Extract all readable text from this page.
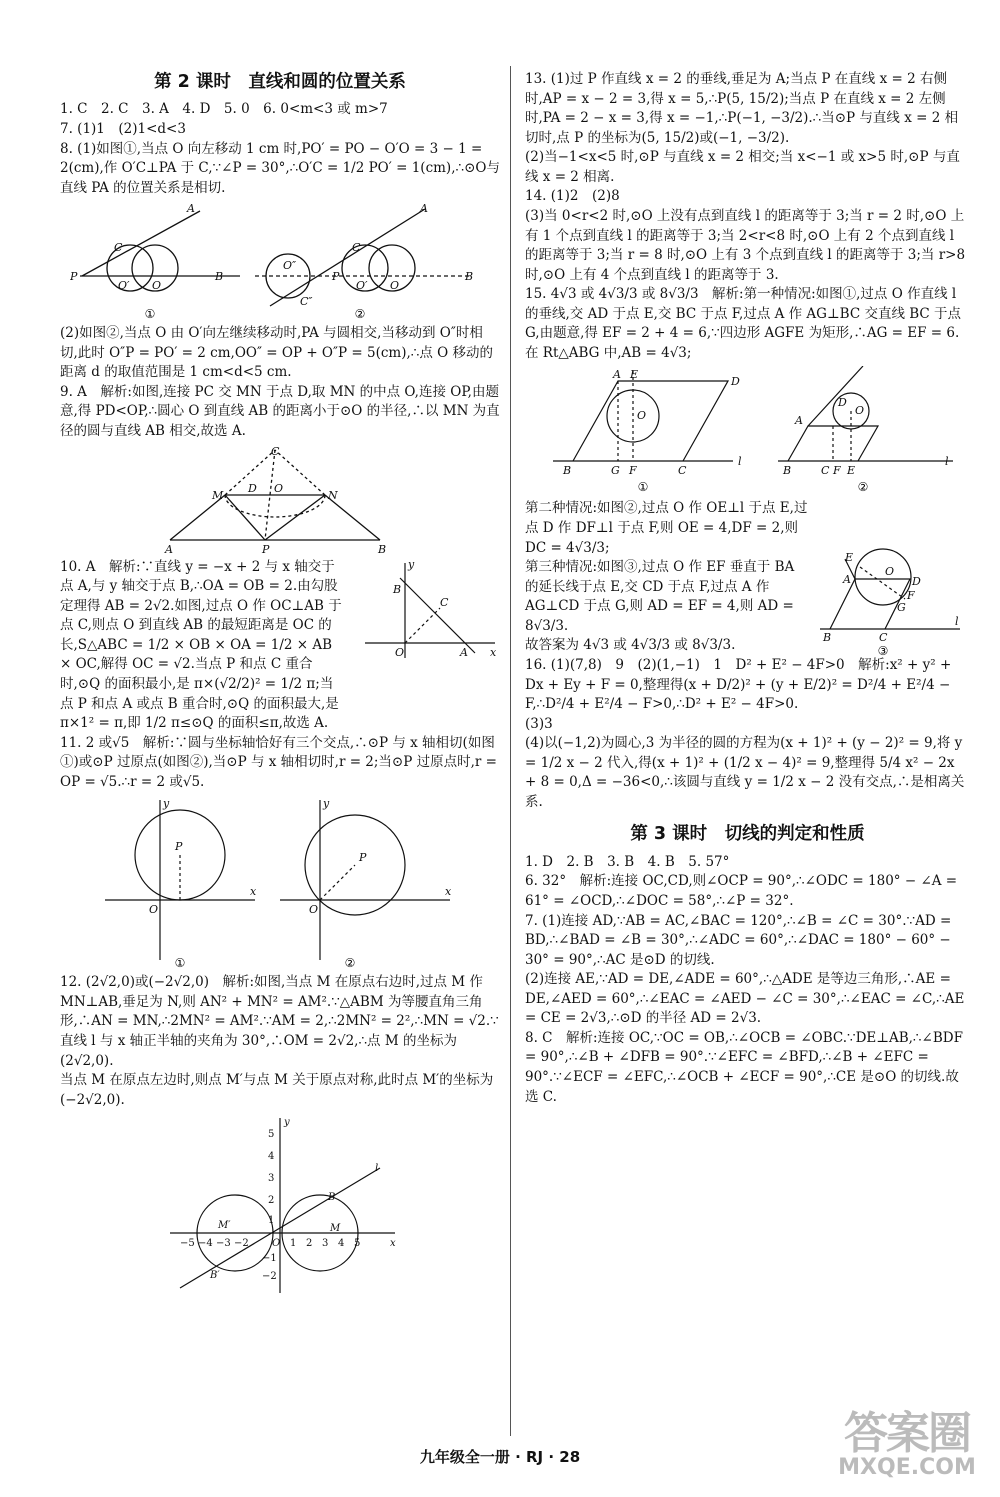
第 2 课时　直线和圆的位置关系

1. C　2. C　3. A　4. D　5. 0　6. 0<m<3 或 m>7

7. (1)1　(2)1<d<3

8. (1)如图①,当点 O 向左移动 1 cm 时,PO′ = PO − O′O = 3 − 1 = 2(cm),作 O′C⊥PA 于 C,∵∠P = 30°,∴O′C = 1/2 PO′ = 1(cm),∴⊙O与直线 PA 的位置关系是相切.

P	B
A
C
O′ O
O″
C″
P
C
O′ O
B
A
①	②

(2)如图②,当点 O 由 O′向左继续移动时,PA 与圆相交,当移动到 O″时相切,此时 O″P = PO′ = 2 cm,OO″ = OP + O″P = 5(cm),∴点 O 移动的距离 d 的取值范围是 1 cm<d<5 cm.

9. A　解析:如图,连接 PC 交 MN 于点 D,取 MN 的中点 O,连接 OP,由题意,得 PD<OP,∴圆心 O 到直线 AB 的距离小于⊙O 的半径,∴以 MN 为直径的圆与直线 AB 相交,故选 A.

C
M
D O
N
A	P	B

10. A　解析:∵直线 y = −x + 2 与 x 轴交于点 A,与 y 轴交于点 B,∴OA = OB = 2.由勾股定理得 AB = 2√2.如图,过点 O 作 OC⊥AB 于点 C,则点 O 到直线 AB 的最短距离是 OC 的长,S△ABC = 1/2 × OB × OA = 1/2 × AB × OC,解得 OC = √2.当点 P 和点 C 重合时,⊙Q 的面积最小,是 π×(√2/2)² = 1/2 π;当点 P 和点 A 或点 B 重合时,⊙Q 的面积最大,是 π×1² = π,即 1/2 π≤⊙Q 的面积≤π,故选 A.

y
x
B
C
O	A

11. 2 或√5　解析:∵圆与坐标轴恰好有三个交点,∴⊙P 与 x 轴相切(如图①)或⊙P 过原点(如图②),当⊙P 与 x 轴相切时,r = 2;当⊙P 过原点时,r = OP = √5.∴r = 2 或√5.

y
x
P
O
y
x
P
O
①	②

12. (2√2,0)或(−2√2,0)　解析:如图,当点 M 在原点右边时,过点 M 作 MN⊥AB,垂足为 N,则 AN² + MN² = AM².∵△ABM 为等腰直角三角形,∴AN = MN,∴2MN² = AM².∵AM = 2,∴2MN² = 2²,∴MN = √2.∵直线 l 与 x 轴正半轴的夹角为 30°,∴OM = 2√2,∴点 M 的坐标为(2√2,0).

当点 M 在原点左边时,则点 M′与点 M 关于原点对称,此时点 M′的坐标为(−2√2,0).

y
x
5
4
3
2
1
−1
−2
1 2 3 4 5
−5 −4 −3 −2
l
B
M
M′
B′
O

13. (1)过 P 作直线 x = 2 的垂线,垂足为 A;当点 P 在直线 x = 2 右侧时,AP = x − 2 = 3,得 x = 5,∴P(5, 15/2);当点 P 在直线 x = 2 左侧时,PA = 2 − x = 3,得 x = −1,∴P(−1, −3/2).∴当⊙P 与直线 x = 2 相切时,点 P 的坐标为(5, 15/2)或(−1, −3/2).

(2)当−1<x<5 时,⊙P 与直线 x = 2 相交;当 x<−1 或 x>5 时,⊙P 与直线 x = 2 相离.

14. (1)2　(2)8

(3)当 0<r<2 时,⊙O 上没有点到直线 l 的距离等于 3;当 r = 2 时,⊙O 上有 1 个点到直线 l 的距离等于 3;当 2<r<8 时,⊙O 上有 2 个点到直线 l 的距离等于 3;当 r = 8 时,⊙O 上有 3 个点到直线 l 的距离等于 3;当 r>8 时,⊙O 上有 4 个点到直线 l 的距离等于 3.

15. 4√3 或 4√3/3 或 8√3/3　解析:第一种情况:如图①,过点 O 作直线 l 的垂线,交 AD 于点 E,交 BC 于点 F,过点 A 作 AG⊥BC 交直线 BC 于点 G,由题意,得 EF = 2 + 4 = 6,∵四边形 AGFE 为矩形,∴AG = EF = 6.在 Rt△ABG 中,AB = 4√3;

A E
D
O
B	G F	C
l
A
D
O
B	C F E
l
①	②

第二种情况:如图②,过点 O 作 OE⊥l 于点 E,过点 D 作 DF⊥l 于点 F,则 OE = 4,DF = 2,则 DC = 4√3/3;

第三种情况:如图③,过点 O 作 EF 垂直于 BA 的延长线于点 E,交 CD 于点 F,过点 A 作 AG⊥CD 于点 G,则 AD = EF = 4,则 AD = 8√3/3.

E
A
O
D
F
G
B	C
l
③

故答案为 4√3 或 4√3/3 或 8√3/3.

16. (1)(7,8)　9　(2)(1,−1)　1　D² + E² − 4F>0　解析:x² + y² + Dx + Ey + F = 0,整理得(x + D/2)² + (y + E/2)² = D²/4 + E²/4 − F,∴D²/4 + E²/4 − F>0,∴D² + E² − 4F>0.

(3)3

(4)以(−1,2)为圆心,3 为半径的圆的方程为(x + 1)² + (y − 2)² = 9,将 y = 1/2 x − 2 代入,得(x + 1)² + (1/2 x − 4)² = 9,整理得 5/4 x² − 2x + 8 = 0,Δ = −36<0,∴该圆与直线 y = 1/2 x − 2 没有交点,∴是相离关系.

第 3 课时　切线的判定和性质

1. D　2. B　3. B　4. B　5. 57°

6. 32°　解析:连接 OC,CD,则∠OCP = 90°,∴∠ODC = 180° − ∠A = 61° = ∠OCD,∴∠DOC = 58°,∴∠P = 32°.

7. (1)连接 AD,∵AB = AC,∠BAC = 120°,∴∠B = ∠C = 30°.∵AD = BD,∴∠BAD = ∠B = 30°,∴∠ADC = 60°,∴∠DAC = 180° − 60° − 30° = 90°,∴AC 是⊙D 的切线.

(2)连接 AE,∵AD = DE,∠ADE = 60°,∴△ADE 是等边三角形,∴AE = DE,∠AED = 60°,∴∠EAC = ∠AED − ∠C = 30°,∴∠EAC = ∠C,∴AE = CE = 2√3,∴⊙D 的半径 AD = 2√3.

8. C　解析:连接 OC,∵OC = OB,∴∠OCB = ∠OBC.∵DE⊥AB,∴∠BDF = 90°,∴∠B + ∠DFB = 90°.∵∠EFC = ∠BFD,∴∠B + ∠EFC = 90°.∵∠ECF = ∠EFC,∴∠OCB + ∠ECF = 90°,∴CE 是⊙O 的切线.故选 C.

九年级全一册 · RJ · 28	答案圈
MXQE.COM
